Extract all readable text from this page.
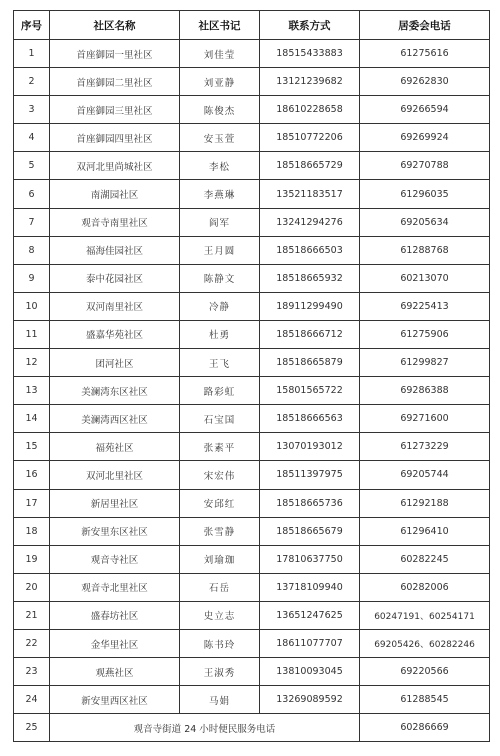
序号	社区名称	社区书记	联系方式	居委会电话
1	首座御园一里社区	刘佳莹	18515433883	61275616
2	首座御园二里社区	刘亚静	13121239682	69262830
3	首座御园三里社区	陈俊杰	18610228658	69266594
4	首座御园四里社区	安玉萱	18510772206	69269924
5	双河北里尚城社区	李松	18518665729	69270788
6	南湖园社区	李燕琳	13521183517	61296035
7	观音寺南里社区	阎军	13241294276	69205634
8	福海佳园社区	王月圆	18518666503	61288768
9	泰中花园社区	陈静文	18518665932	60213070
10	双河南里社区	冷静	18911299490	69225413
11	盛嘉华苑社区	杜勇	18518666712	61275906
12	团河社区	王飞	18518665879	61299827
13	美澜湾东区社区	路彩虹	15801565722	69286388
14	美澜湾西区社区	石宝国	18518666563	69271600
15	福苑社区	张素平	13070193012	61273229
16	双河北里社区	宋宏伟	18511397975	69205744
17	新居里社区	安邱红	18518665736	61292188
18	新安里东区社区	张雪静	18518665679	61296410
19	观音寺社区	刘瑜珈	17810637750	60282245
20	观音寺北里社区	石岳	13718109940	60282006
21	盛春坊社区	史立志	13651247625	60247191、60254171
22	金华里社区	陈书玲	18611077707	69205426、60282246
23	观燕社区	王淑秀	13810093045	69220566
24	新安里西区社区	马娟	13269089592	61288545
25	观音寺街道 24 小时便民服务电话			60286669
